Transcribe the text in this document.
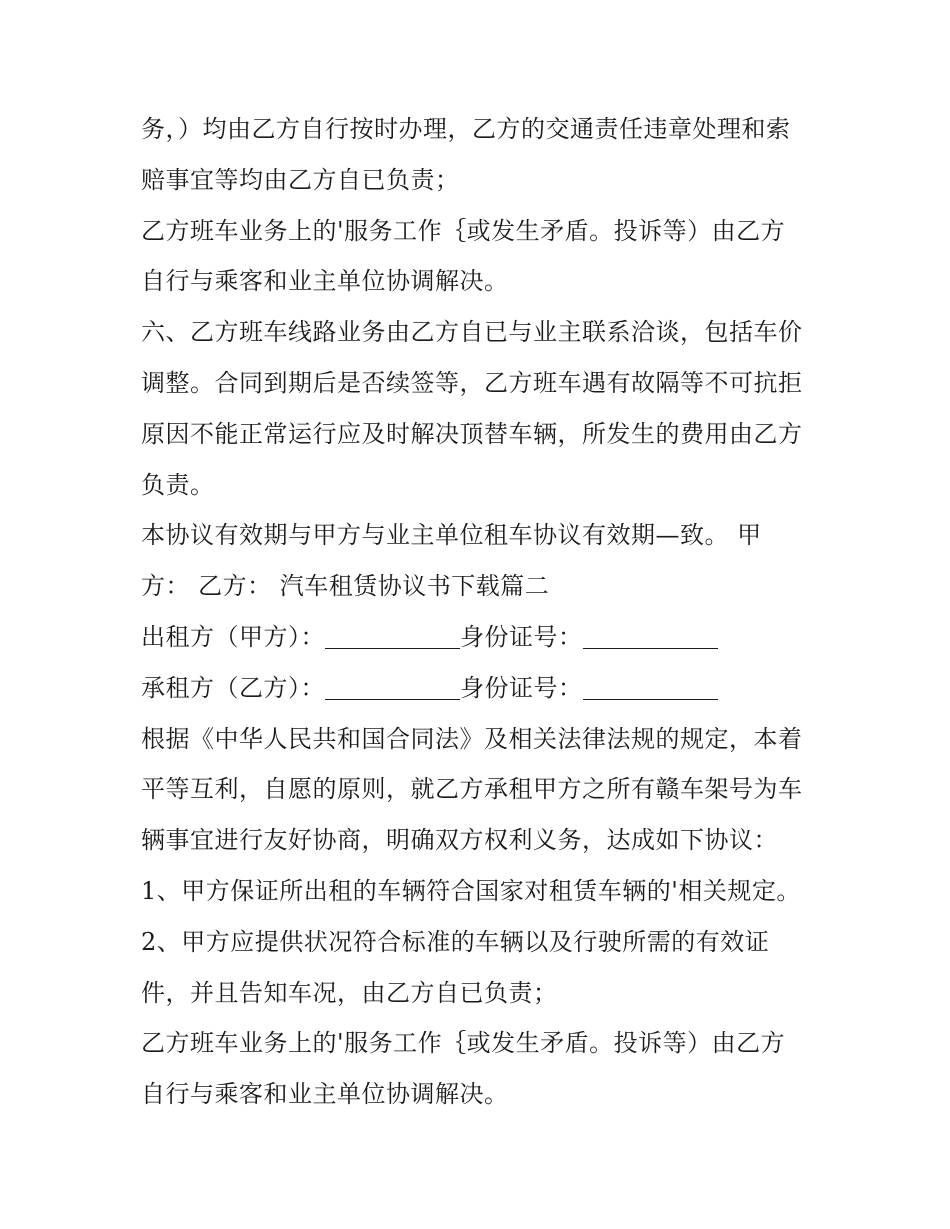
务，）均由乙方自行按时办理，乙方的交通责任违章处理和索
赔事宜等均由乙方自已负责；
乙方班车业务上的'服务工作｛或发生矛盾。投诉等）由乙方
自行与乘客和业主单位协调解决。
六、乙方班车线路业务由乙方自已与业主联系洽谈，包括车价
调整。合同到期后是否续签等，乙方班车遇有故隔等不可抗拒
原因不能正常运行应及时解决顶替车辆，所发生的费用由乙方
负责。
本协议有效期与甲方与业主单位租车协议有效期—致。 甲
方： 乙方： 汽车租赁协议书下载篇二
出租方（甲方）：	身份证号：
承租方（乙方）：	身份证号：
根据《中华人民共和国合同法》及相关法律法规的规定，本着
平等互利，自愿的原则，就乙方承租甲方之所有赣车架号为车
辆事宜进行友好协商，明确双方权利义务，达成如下协议：
1、甲方保证所出租的车辆符合国家对租赁车辆的'相关规定。
2、甲方应提供状况符合标准的车辆以及行驶所需的有效证
件，并且告知车况，由乙方自已负责；
乙方班车业务上的'服务工作｛或发生矛盾。投诉等）由乙方
自行与乘客和业主单位协调解决。
